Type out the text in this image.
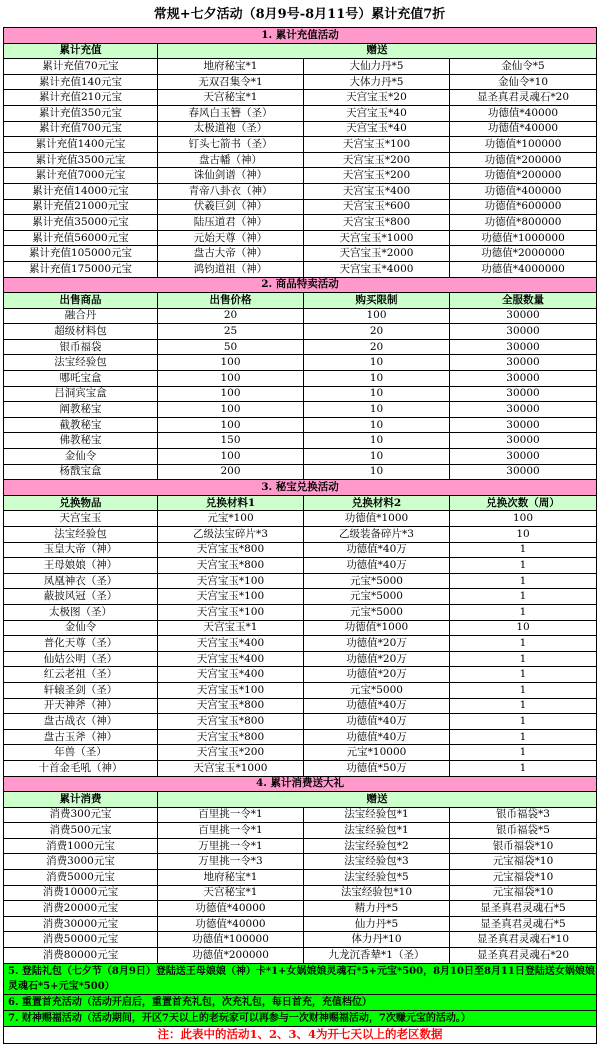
常规+七夕活动（8月9号-8月11号）累计充值7折
1. 累计充值活动			
累计充值	赠送		
累计充值70元宝	地府秘宝*1	大仙力丹*5	金仙令*5
累计充值140元宝	无双召集令*1	大体力丹*5	金仙令*10
累计充值210元宝	天宫秘宝*1	天宫宝玉*20	显圣真君灵魂石*20
累计充值350元宝	春风白玉簪（圣）	天宫宝玉*40	功德值*40000
累计充值700元宝	太极道袍（圣）	天宫宝玉*40	功德值*40000
累计充值1400元宝	钉头七箭书（圣）	天宫宝玉*100	功德值*100000
累计充值3500元宝	盘古幡（神）	天宫宝玉*200	功德值*200000
累计充值7000元宝	诛仙剑谱（神）	天宫宝玉*200	功德值*200000
累计充值14000元宝	青帝八卦衣（神）	天宫宝玉*400	功德值*400000
累计充值21000元宝	伏羲巨剑（神）	天宫宝玉*600	功德值*600000
累计充值35000元宝	陆压道君（神）	天宫宝玉*800	功德值*800000
累计充值56000元宝	元始天尊（神）	天宫宝玉*1000	功德值*1000000
累计充值105000元宝	盘古大帝（神）	天宫宝玉*2000	功德值*2000000
累计充值175000元宝	鸿钧道祖（神）	天宫宝玉*4000	功德值*4000000
2. 商品特卖活动			
出售商品	出售价格	购买限制	全服数量
融合丹	20	100	30000
超级材料包	25	20	30000
银币福袋	50	20	30000
法宝经验包	100	10	30000
哪吒宝盒	100	10	30000
吕洞宾宝盒	100	10	30000
阐教秘宝	100	10	30000
截教秘宝	100	10	30000
佛教秘宝	150	10	30000
金仙令	100	10	30000
杨戬宝盒	200	10	30000
3. 秘宝兑换活动			
兑换物品	兑换材料1	兑换材料2	兑换次数（周）
天宫宝玉	元宝*100	功德值*1000	100
法宝经验包	乙级法宝碎片*3	乙级装备碎片*3	10
玉皇大帝（神）	天宫宝玉*800	功德值*40万	1
王母娘娘（神）	天宫宝玉*800	功德值*40万	1
凤凰神衣（圣）	天宫宝玉*100	元宝*5000	1
蔽披风冠（圣）	天宫宝玉*100	元宝*5000	1
太极图（圣）	天宫宝玉*100	元宝*5000	1
金仙令	天宫宝玉*1	功德值*1000	10
普化天尊（圣）	天宫宝玉*400	功德值*20万	1
仙姑公明（圣）	天宫宝玉*400	功德值*20万	1
红云老祖（圣）	天宫宝玉*400	功德值*20万	1
轩辕圣剑（圣）	天宫宝玉*100	元宝*5000	1
开天神斧（神）	天宫宝玉*800	功德值*40万	1
盘古战衣（神）	天宫宝玉*800	功德值*40万	1
盘古玉斧（神）	天宫宝玉*800	功德值*40万	1
年兽（圣）	天宫宝玉*200	元宝*10000	1
十首金毛吼（神）	天宫宝玉*1000	功德值*50万	1
4. 累计消费送大礼			
累计消费	赠送		
消费300元宝	百里挑一令*1	法宝经验包*1	银币福袋*3
消费500元宝	百里挑一令*1	法宝经验包*1	银币福袋*5
消费1000元宝	万里挑一令*1	法宝经验包*2	银币福袋*10
消费3000元宝	万里挑一令*3	法宝经验包*3	元宝福袋*10
消费5000元宝	地府秘宝*1	法宝经验包*5	元宝福袋*10
消费10000元宝	天宫秘宝*1	法宝经验包*10	元宝福袋*10
消费20000元宝	功德值*40000	精力丹*5	显圣真君灵魂石*5
消费30000元宝	功德值*40000	仙力丹*5	显圣真君灵魂石*5
消费50000元宝	功德值*100000	体力丹*10	显圣真君灵魂石*10
消费80000元宝	功德值*200000	九龙沉香辇*1（圣）	显圣真君灵魂石*20
5. 登陆礼包（七夕节（8月9日）登陆送王母娘娘（神）卡*1+女娲娘娘灵魂石*5+元宝*500，8月10日至8月11日登陆送女娲娘娘灵魂石*5+元宝*500）			
6. 重置首充活动（活动开启后，重置首充礼包，次充礼包，每日首充，充值档位）			
7. 财神赐福活动（活动期间，开区7天以上的老玩家可以再参与一次财神赐福活动，7次赚元宝的活动。）			
注：此表中的活动1、2、3、4为开七天以上的老区数据			
